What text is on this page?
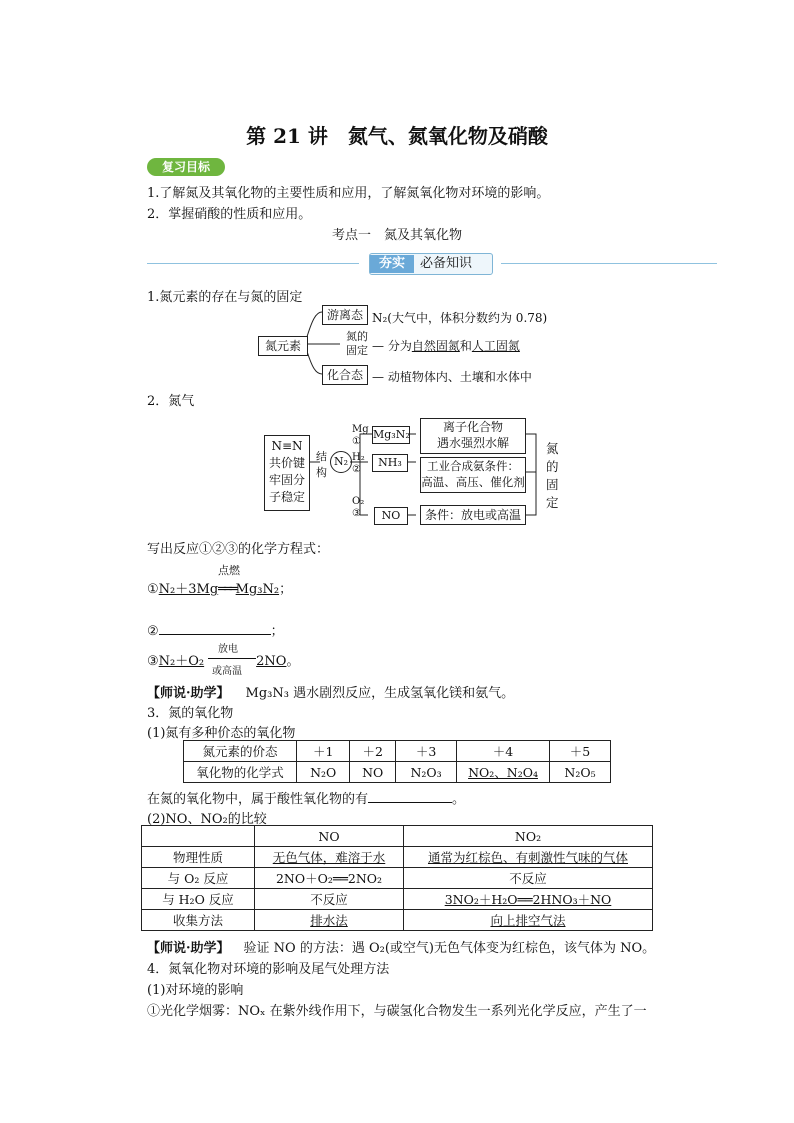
第 21 讲　氮气、氮氧化物及硝酸
复习目标
1.了解氮及其氧化物的主要性质和应用，了解氮氧化物对环境的影响。
2．掌握硝酸的性质和应用。
考点一　氮及其氧化物
夯实	必备知识
1.氮元素的存在与氮的固定
氮元素
游离态 N₂(大气中，体积分数约为 0.78)
氮的
固定 — 分为自然固氮和人工固氮
化合态 — 动植物体内、土壤和水体中
2．氮气
N≡N
共价键
牢固分
子稳定
结
构
N₂
Mg
①
Mg₃N₂
离子化合物
遇水强烈水解
H₂
②
NH₃	工业合成氨条件：
高温、高压、催化剂
O₂
③	NO	条件：放电或高温
氮
的
固
定
写出反应①②③的化学方程式：
点燃
①N₂＋3Mg═══Mg₃N₂；
②	；
放电
或高温
③N₂＋O₂	2NO。
【师说·助学】 Mg₃N₃ 遇水剧烈反应，生成氢氧化镁和氨气。
3．氮的氧化物
(1)氮有多种价态的氧化物
氮元素的价态	＋1	＋2	＋3	＋4	＋5
氧化物的化学式	N₂O	NO	N₂O₃	NO₂、N₂O₄	N₂O₅
在氮的氧化物中，属于酸性氧化物的有	。
(2)NO、NO₂的比较
	NO	NO₂
物理性质	无色气体，难溶于水	通常为红棕色、有刺激性气味的气体
与 O₂ 反应	2NO＋O₂══2NO₂	不反应
与 H₂O 反应	不反应	3NO₂＋H₂O══2HNO₃＋NO
收集方法	排水法	向上排空气法
【师说·助学】 验证 NO 的方法：遇 O₂(或空气)无色气体变为红棕色，该气体为 NO。
4．氮氧化物对环境的影响及尾气处理方法
(1)对环境的影响
①光化学烟雾：NOₓ 在紫外线作用下，与碳氢化合物发生一系列光化学反应，产生了一
